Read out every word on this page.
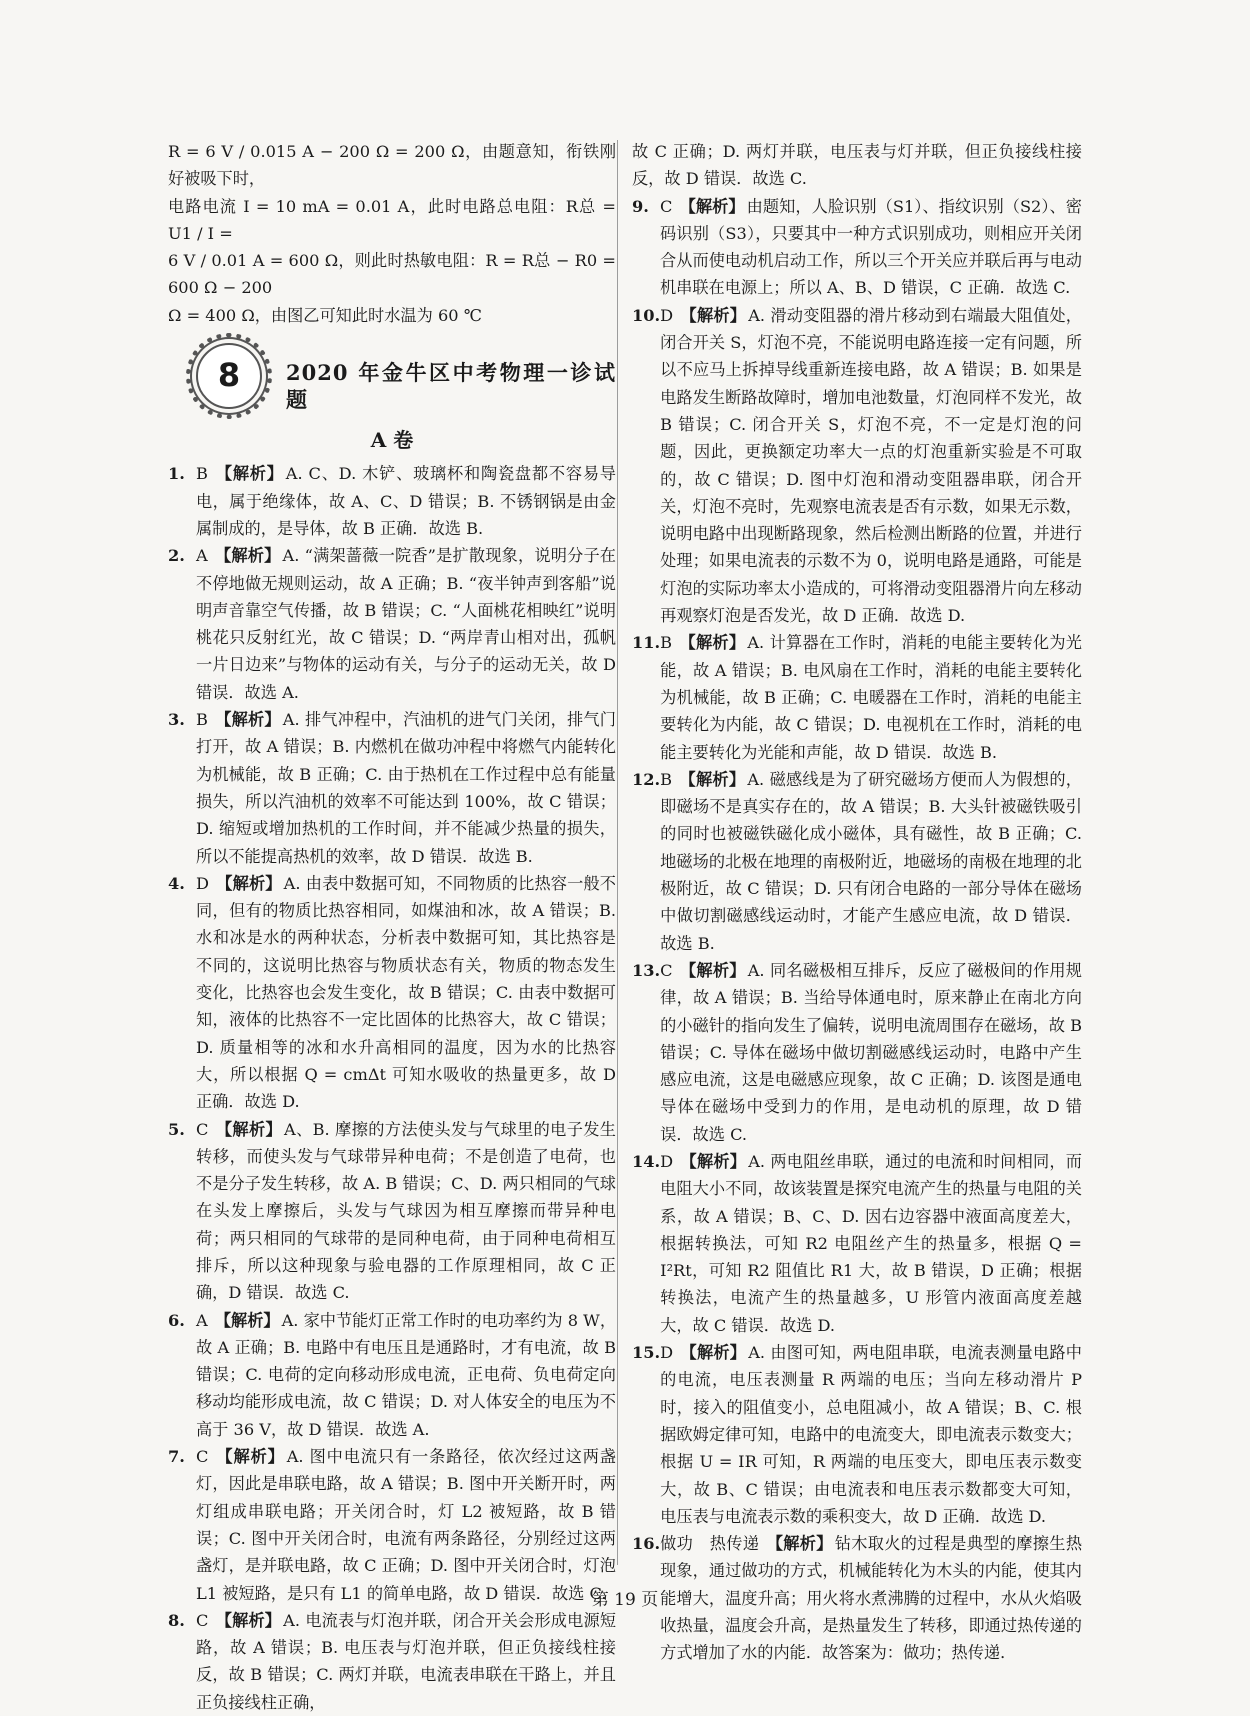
R = 6 V / 0.015 A − 200 Ω = 200 Ω，由题意知，衔铁刚好被吸下时，

电路电流 I = 10 mA = 0.01 A，此时电路总电阻：R总 = U1 / I =

6 V / 0.01 A = 600 Ω，则此时热敏电阻：R = R总 − R0 = 600 Ω − 200

Ω = 400 Ω，由图乙可知此时水温为 60 ℃

8 2020 年金牛区中考物理一诊试题
A 卷
1. B 【解析】 A. C、D. 木铲、玻璃杯和陶瓷盘都不容易导电，属于绝缘体，故 A、C、D 错误；B. 不锈钢锅是由金属制成的，是导体，故 B 正确．故选 B.
2. A 【解析】 A. “满架蔷薇一院香”是扩散现象，说明分子在不停地做无规则运动，故 A 正确；B. “夜半钟声到客船”说明声音靠空气传播，故 B 错误；C. “人面桃花相映红”说明桃花只反射红光，故 C 错误；D. “两岸青山相对出，孤帆一片日边来”与物体的运动有关，与分子的运动无关，故 D 错误．故选 A.
3. B 【解析】 A. 排气冲程中，汽油机的进气门关闭，排气门打开，故 A 错误；B. 内燃机在做功冲程中将燃气内能转化为机械能，故 B 正确；C. 由于热机在工作过程中总有能量损失，所以汽油机的效率不可能达到 100%，故 C 错误；D. 缩短或增加热机的工作时间，并不能减少热量的损失，所以不能提高热机的效率，故 D 错误．故选 B.
4. D 【解析】 A. 由表中数据可知，不同物质的比热容一般不同，但有的物质比热容相同，如煤油和冰，故 A 错误；B. 水和冰是水的两种状态，分析表中数据可知，其比热容是不同的，这说明比热容与物质状态有关，物质的物态发生变化，比热容也会发生变化，故 B 错误；C. 由表中数据可知，液体的比热容不一定比固体的比热容大，故 C 错误；D. 质量相等的冰和水升高相同的温度，因为水的比热容大，所以根据 Q = cmΔt 可知水吸收的热量更多，故 D 正确．故选 D.
5. C 【解析】 A、B. 摩擦的方法使头发与气球里的电子发生转移，而使头发与气球带异种电荷；不是创造了电荷，也不是分子发生转移，故 A. B 错误；C、D. 两只相同的气球在头发上摩擦后，头发与气球因为相互摩擦而带异种电荷；两只相同的气球带的是同种电荷，由于同种电荷相互排斥，所以这种现象与验电器的工作原理相同，故 C 正确，D 错误．故选 C.
6. A 【解析】 A. 家中节能灯正常工作时的电功率约为 8 W，故 A 正确；B. 电路中有电压且是通路时，才有电流，故 B 错误；C. 电荷的定向移动形成电流，正电荷、负电荷定向移动均能形成电流，故 C 错误；D. 对人体安全的电压为不高于 36 V，故 D 错误．故选 A.
7. C 【解析】 A. 图中电流只有一条路径，依次经过这两盏灯，因此是串联电路，故 A 错误；B. 图中开关断开时，两灯组成串联电路；开关闭合时，灯 L2 被短路，故 B 错误；C. 图中开关闭合时，电流有两条路径，分别经过这两盏灯，是并联电路，故 C 正确；D. 图中开关闭合时，灯泡 L1 被短路，是只有 L1 的简单电路，故 D 错误．故选 C.
8. C 【解析】 A. 电流表与灯泡并联，闭合开关会形成电源短路，故 A 错误；B. 电压表与灯泡并联，但正负接线柱接反，故 B 错误；C. 两灯并联，电流表串联在干路上，并且正负接线柱正确，

故 C 正确；D. 两灯并联，电压表与灯并联，但正负接线柱接反，故 D 错误．故选 C.

9. C 【解析】 由题知，人脸识别（S1）、指纹识别（S2）、密码识别（S3），只要其中一种方式识别成功，则相应开关闭合从而使电动机启动工作，所以三个开关应并联后再与电动机串联在电源上；所以 A、B、D 错误，C 正确．故选 C.
10. D 【解析】 A. 滑动变阻器的滑片移动到右端最大阻值处，闭合开关 S，灯泡不亮，不能说明电路连接一定有问题，所以不应马上拆掉导线重新连接电路，故 A 错误；B. 如果是电路发生断路故障时，增加电池数量，灯泡同样不发光，故 B 错误；C. 闭合开关 S，灯泡不亮，不一定是灯泡的问题，因此，更换额定功率大一点的灯泡重新实验是不可取的，故 C 错误；D. 图中灯泡和滑动变阻器串联，闭合开关，灯泡不亮时，先观察电流表是否有示数，如果无示数，说明电路中出现断路现象，然后检测出断路的位置，并进行处理；如果电流表的示数不为 0，说明电路是通路，可能是灯泡的实际功率太小造成的，可将滑动变阻器滑片向左移动再观察灯泡是否发光，故 D 正确．故选 D.
11. B 【解析】 A. 计算器在工作时，消耗的电能主要转化为光能，故 A 错误；B. 电风扇在工作时，消耗的电能主要转化为机械能，故 B 正确；C. 电暖器在工作时，消耗的电能主要转化为内能，故 C 错误；D. 电视机在工作时，消耗的电能主要转化为光能和声能，故 D 错误．故选 B.
12. B 【解析】 A. 磁感线是为了研究磁场方便而人为假想的，即磁场不是真实存在的，故 A 错误；B. 大头针被磁铁吸引的同时也被磁铁磁化成小磁体，具有磁性，故 B 正确；C. 地磁场的北极在地理的南极附近，地磁场的南极在地理的北极附近，故 C 错误；D. 只有闭合电路的一部分导体在磁场中做切割磁感线运动时，才能产生感应电流，故 D 错误．故选 B.
13. C 【解析】 A. 同名磁极相互排斥，反应了磁极间的作用规律，故 A 错误；B. 当给导体通电时，原来静止在南北方向的小磁针的指向发生了偏转，说明电流周围存在磁场，故 B 错误；C. 导体在磁场中做切割磁感线运动时，电路中产生感应电流，这是电磁感应现象，故 C 正确；D. 该图是通电导体在磁场中受到力的作用，是电动机的原理，故 D 错误．故选 C.
14. D 【解析】 A. 两电阻丝串联，通过的电流和时间相同，而电阻大小不同，故该装置是探究电流产生的热量与电阻的关系，故 A 错误；B、C、D. 因右边容器中液面高度差大，根据转换法，可知 R2 电阻丝产生的热量多，根据 Q = I²Rt，可知 R2 阻值比 R1 大，故 B 错误，D 正确；根据转换法，电流产生的热量越多，U 形管内液面高度差越大，故 C 错误．故选 D.
15. D 【解析】 A. 由图可知，两电阻串联，电流表测量电路中的电流，电压表测量 R 两端的电压；当向左移动滑片 P 时，接入的阻值变小，总电阻减小，故 A 错误；B、C. 根据欧姆定律可知，电路中的电流变大，即电流表示数变大；根据 U = IR 可知，R 两端的电压变大，即电压表示数变大，故 B、C 错误；由电流表和电压表示数都变大可知，电压表与电流表示数的乘积变大，故 D 正确．故选 D.
16. 做功　热传递 【解析】 钻木取火的过程是典型的摩擦生热现象，通过做功的方式，机械能转化为木头的内能，使其内能增大，温度升高；用火将水煮沸腾的过程中，水从火焰吸收热量，温度会升高，是热量发生了转移，即通过热传递的方式增加了水的内能．故答案为：做功；热传递．
第 19 页
